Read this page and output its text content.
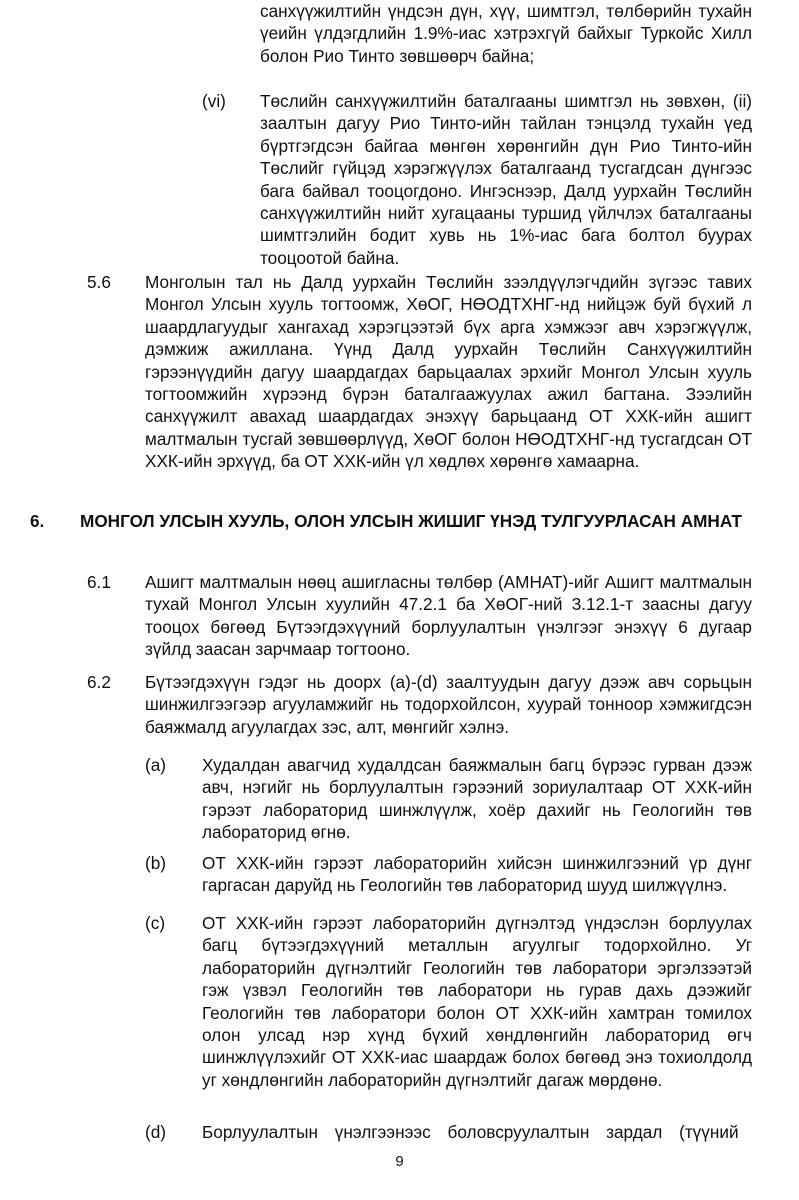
санхүүжилтийн үндсэн дүн, хүү, шимтгэл, төлбөрийн тухайн үеийн үлдэгдлийн 1.9%-иас хэтрэхгүй байхыг Туркойс Хилл болон Рио Тинто зөвшөөрч байна;
(vi) Төслийн санхүүжилтийн баталгааны шимтгэл нь зөвхөн, (ii) заалтын дагуу Рио Тинто-ийн тайлан тэнцэлд тухайн үед бүртгэгдсэн байгаа мөнгөн хөрөнгийн дүн Рио Тинто-ийн Төслийг гүйцэд хэрэгжүүлэх баталгаанд тусгагдсан дүнгээс бага байвал тооцогдоно. Ингэснээр, Далд уурхайн Төслийн санхүүжилтийн нийт хугацааны туршид үйлчлэх баталгааны шимтгэлийн бодит хувь нь 1%-иас бага болтол буурах тооцоотой байна.
5.6 Монголын тал нь Далд уурхайн Төслийн зээлдүүлэгчдийн зүгээс тавих Монгол Улсын хууль тогтоомж, ХөОГ, НӨОДТХНГ-нд нийцэж буй бүхий л шаардлагуудыг хангахад хэрэгцээтэй бүх арга хэмжээг авч хэрэгжүүлж, дэмжиж ажиллана. Үүнд Далд уурхайн Төслийн Санхүүжилтийн гэрээнүүдийн дагуу шаардагдах барьцаалах эрхийг Монгол Улсын хууль тогтоомжийн хүрээнд бүрэн баталгаажуулах ажил багтана. Зээлийн санхүүжилт авахад шаардагдах энэхүү барьцаанд ОТ ХХК-ийн ашигт малтмалын тусгай зөвшөөрлүүд, ХөОГ болон НӨОДТХНГ-нд тусгагдсан ОТ ХХК-ийн эрхүүд, ба ОТ ХХК-ийн үл хөдлөх хөрөнгө хамаарна.
6. МОНГОЛ УЛСЫН ХУУЛЬ, ОЛОН УЛСЫН ЖИШИГ ҮНЭД ТУЛГУУРЛАСАН АМНАТ
6.1 Ашигт малтмалын нөөц ашигласны төлбөр (АМНАТ)-ийг Ашигт малтмалын тухай Монгол Улсын хуулийн 47.2.1 ба ХөОГ-ний 3.12.1-т заасны дагуу тооцох бөгөөд Бүтээгдэхүүний борлуулалтын үнэлгээг энэхүү 6 дугаар зүйлд заасан зарчмаар тогтооно.
6.2 Бүтээгдэхүүн гэдэг нь доорх (a)-(d) заалтуудын дагуу дээж авч сорьцын шинжилгээгээр агууламжийг нь тодорхойлсон, хуурай тонноор хэмжигдсэн баяжмалд агуулагдах зэс, алт, мөнгийг хэлнэ.
(a) Худалдан авагчид худалдсан баяжмалын багц бүрээс гурван дээж авч, нэгийг нь борлуулалтын гэрээний зориулалтаар ОТ ХХК-ийн гэрээт лабораторид шинжлүүлж, хоёр дахийг нь Геологийн төв лабораторид өгнө.
(b) ОТ ХХК-ийн гэрээт лабораторийн хийсэн шинжилгээний үр дүнг гаргасан даруйд нь Геологийн төв лабораторид шууд шилжүүлнэ.
(c) ОТ ХХК-ийн гэрээт лабораторийн дүгнэлтэд үндэслэн борлуулах багц бүтээгдэхүүний металлын агуулгыг тодорхойлно. Уг лабораторийн дүгнэлтийг Геологийн төв лаборатори эргэлзээтэй гэж үзвэл Геологийн төв лаборатори нь гурав дахь дээжийг Геологийн төв лаборатори болон ОТ ХХК-ийн хамтран томилох олон улсад нэр хүнд бүхий хөндлөнгийн лабораторид өгч шинжлүүлэхийг ОТ ХХК-иас шаардаж болох бөгөөд энэ тохиолдолд уг хөндлөнгийн лабораторийн дүгнэлтийг дагаж мөрдөнө.
(d) Борлуулалтын үнэлгээнээс боловсруулалтын зардал (түүний
9
